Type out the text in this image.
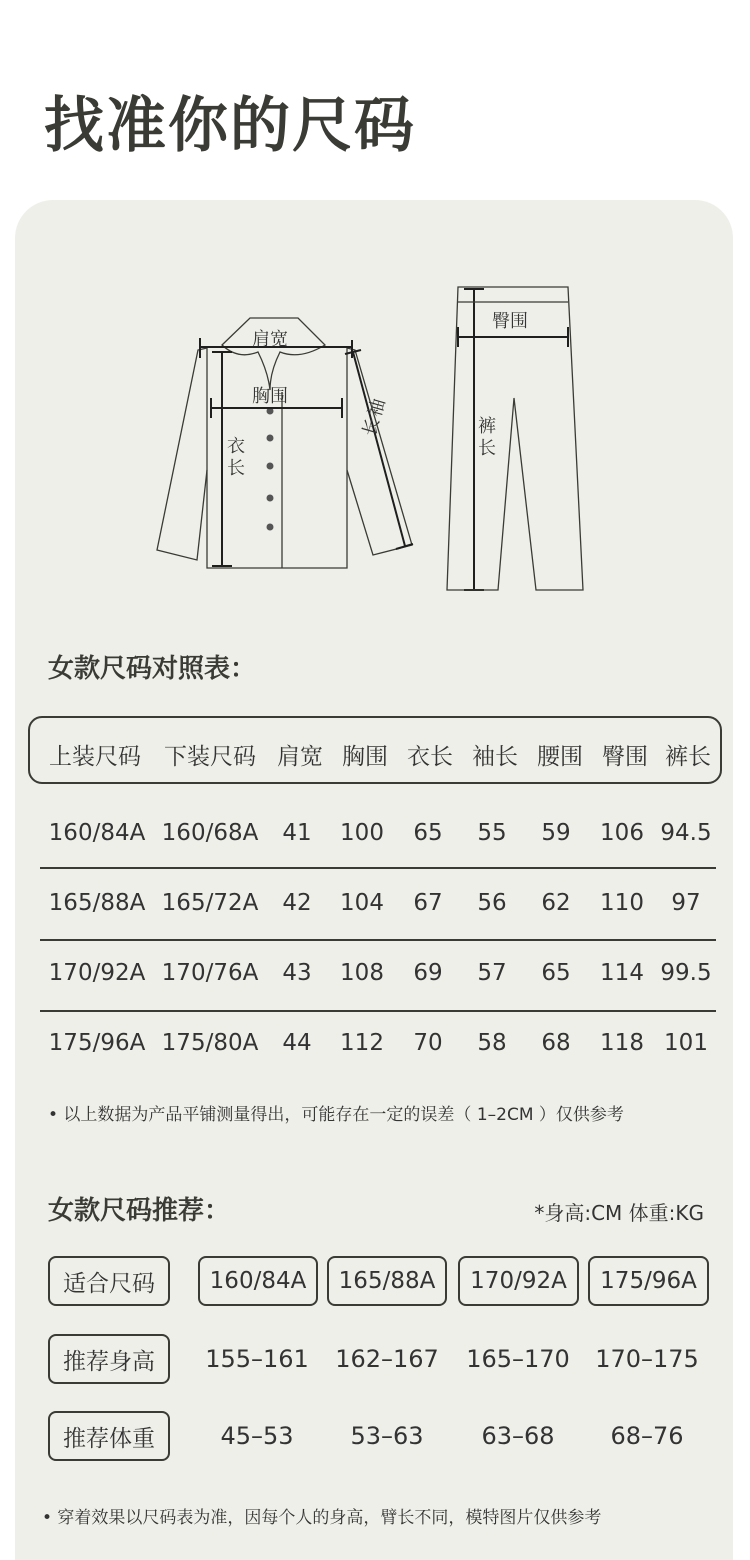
找准你的尺码
肩宽
胸围
衣
长
袖
长
臀围
裤
长
女款尺码对照表：
上装尺码 下装尺码 肩宽 胸围 衣长 袖长 腰围 臀围 裤长
160/84A 160/68A 41 100 65 55 59 106 94.5
165/88A 165/72A 42 104 67 56 62 110 97
170/92A 170/76A 43 108 69 57 65 114 99.5
175/96A 175/80A 44 112 70 58 68 118 101
• 以上数据为产品平铺测量得出，可能存在一定的误差（ 1–2CM ）仅供参考
女款尺码推荐：	*身高:CM 体重:KG
适合尺码 160/84A 165/88A 170/92A 175/96A
推荐身高 155–161 162–167 165–170 170–175
推荐体重	45–53 53–63 63–68 68–76
• 穿着效果以尺码表为准，因每个人的身高，臂长不同，模特图片仅供参考
